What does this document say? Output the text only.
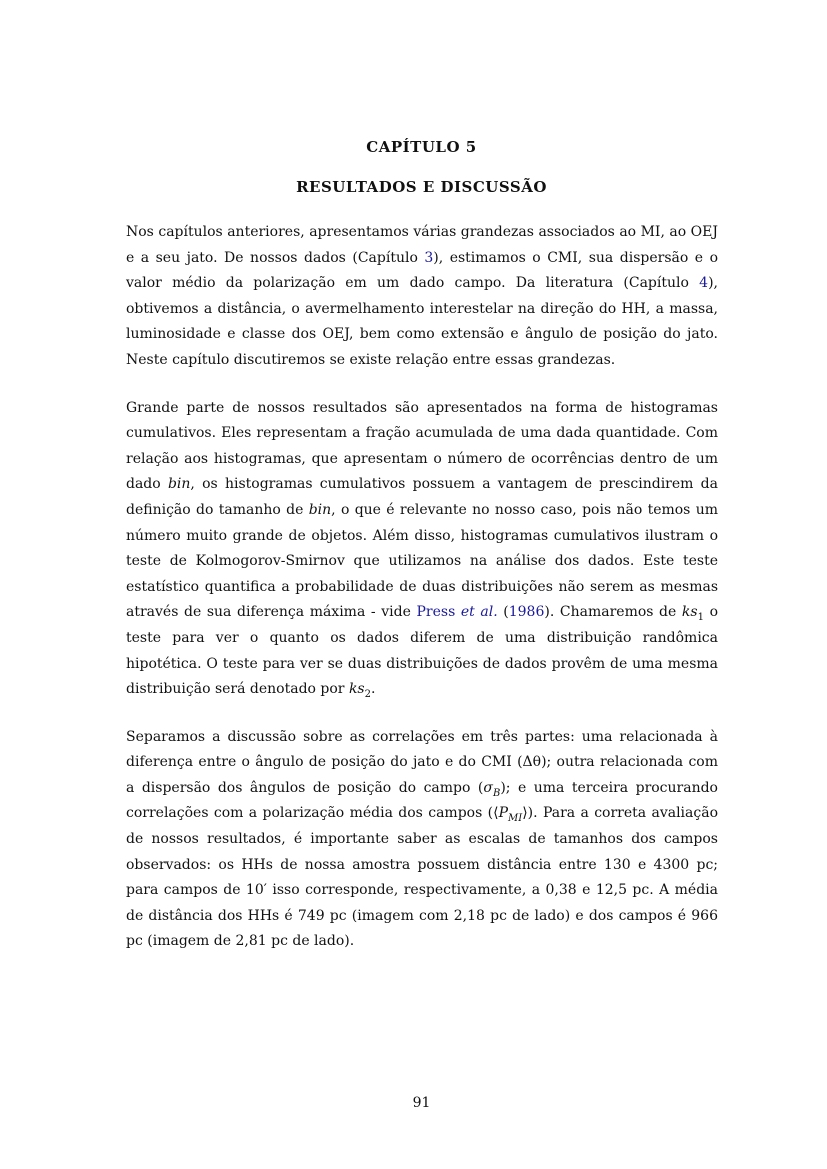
CAPÍTULO 5
RESULTADOS E DISCUSSÃO

Nos capítulos anteriores, apresentamos várias grandezas associados ao MI, ao OEJ e a seu jato. De nossos dados (Capítulo 3), estimamos o CMI, sua dispersão e o valor médio da polarização em um dado campo. Da literatura (Capítulo 4), obtivemos a distância, o avermelhamento interestelar na direção do HH, a massa, luminosidade e classe dos OEJ, bem como extensão e ângulo de posição do jato. Neste capítulo discutiremos se existe relação entre essas grandezas.

Grande parte de nossos resultados são apresentados na forma de histogramas cumulativos. Eles representam a fração acumulada de uma dada quantidade. Com relação aos histogramas, que apresentam o número de ocorrências dentro de um dado bin, os histogramas cumulativos possuem a vantagem de prescindirem da definição do tamanho de bin, o que é relevante no nosso caso, pois não temos um número muito grande de objetos. Além disso, histogramas cumulativos ilustram o teste de Kolmogorov-Smirnov que utilizamos na análise dos dados. Este teste estatístico quantifica a probabilidade de duas distribuições não serem as mesmas através de sua diferença máxima - vide Press et al. (1986). Chamaremos de $ks_1$ o teste para ver o quanto os dados diferem de uma distribuição randômica hipotética. O teste para ver se duas distribuições de dados provêm de uma mesma distribuição será denotado por $ks_2$.

Separamos a discussão sobre as correlações em três partes: uma relacionada à diferença entre o ângulo de posição do jato e do CMI (Δθ); outra relacionada com a dispersão dos ângulos de posição do campo $(\sigma_B)$; e uma terceira procurando correlações com a polarização média dos campos $(⟨P_{MI}⟩)$. Para a correta avaliação de nossos resultados, é importante saber as escalas de tamanhos dos campos observados: os HHs de nossa amostra possuem distância entre 130 e 4300 pc; para campos de 10′ isso corresponde, respectivamente, a 0,38 e 12,5 pc. A média de distância dos HHs é 749 pc (imagem com 2,18 pc de lado) e dos campos é 966 pc (imagem de 2,81 pc de lado).

91
